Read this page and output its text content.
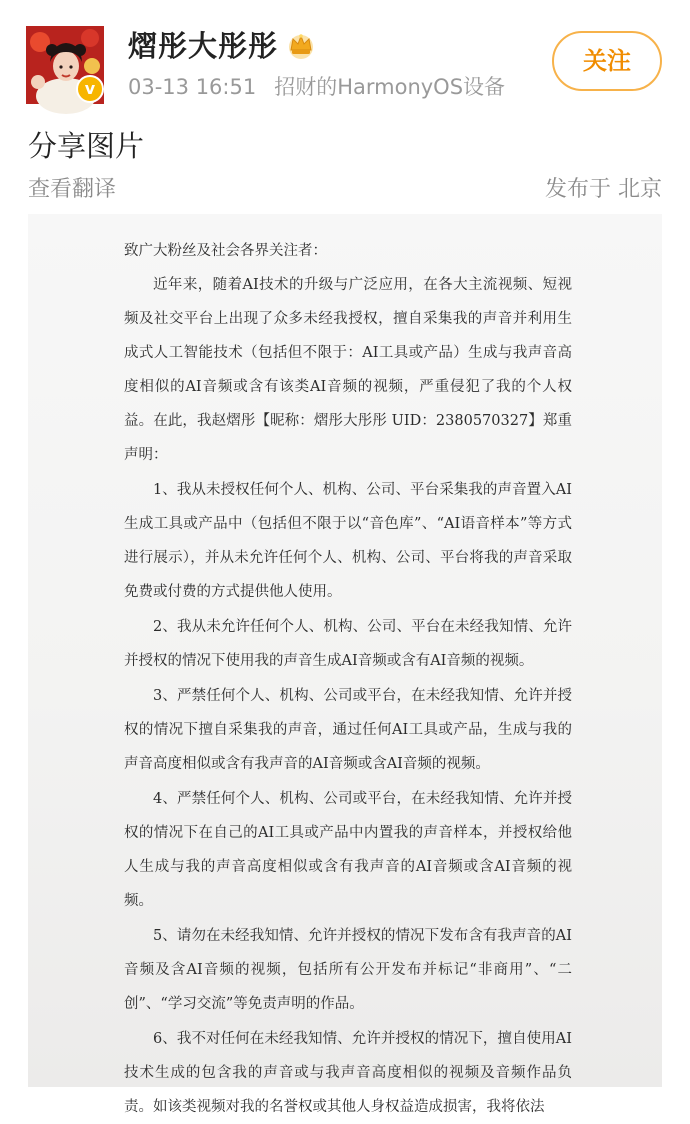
v
熠彤大彤彤
03-13 16:51 招财的HarmonyOS设备
关注
分享图片
查看翻译	发布于 北京

致广大粉丝及社会各界关注者：

近年来，随着AI技术的升级与广泛应用，在各大主流视频、短视频及社交平台上出现了众多未经我授权，擅自采集我的声音并利用生成式人工智能技术（包括但不限于：AI工具或产品）生成与我声音高度相似的AI音频或含有该类AI音频的视频，严重侵犯了我的个人权益。在此，我赵熠彤【昵称：熠彤大彤彤 UID：2380570327】郑重声明：

1、我从未授权任何个人、机构、公司、平台采集我的声音置入AI生成工具或产品中（包括但不限于以“音色库”、“AI语音样本”等方式进行展示），并从未允许任何个人、机构、公司、平台将我的声音采取免费或付费的方式提供他人使用。

2、我从未允许任何个人、机构、公司、平台在未经我知情、允许并授权的情况下使用我的声音生成AI音频或含有AI音频的视频。

3、严禁任何个人、机构、公司或平台，在未经我知情、允许并授权的情况下擅自采集我的声音，通过任何AI工具或产品，生成与我的声音高度相似或含有我声音的AI音频或含AI音频的视频。

4、严禁任何个人、机构、公司或平台，在未经我知情、允许并授权的情况下在自己的AI工具或产品中内置我的声音样本，并授权给他人生成与我的声音高度相似或含有我声音的AI音频或含AI音频的视频。

5、请勿在未经我知情、允许并授权的情况下发布含有我声音的AI音频及含AI音频的视频，包括所有公开发布并标记“非商用”、“二创”、“学习交流”等免责声明的作品。

6、我不对任何在未经我知情、允许并授权的情况下，擅自使用AI技术生成的包含我的声音或与我声音高度相似的视频及音频作品负责。如该类视频对我的名誉权或其他人身权益造成损害，我将依法
